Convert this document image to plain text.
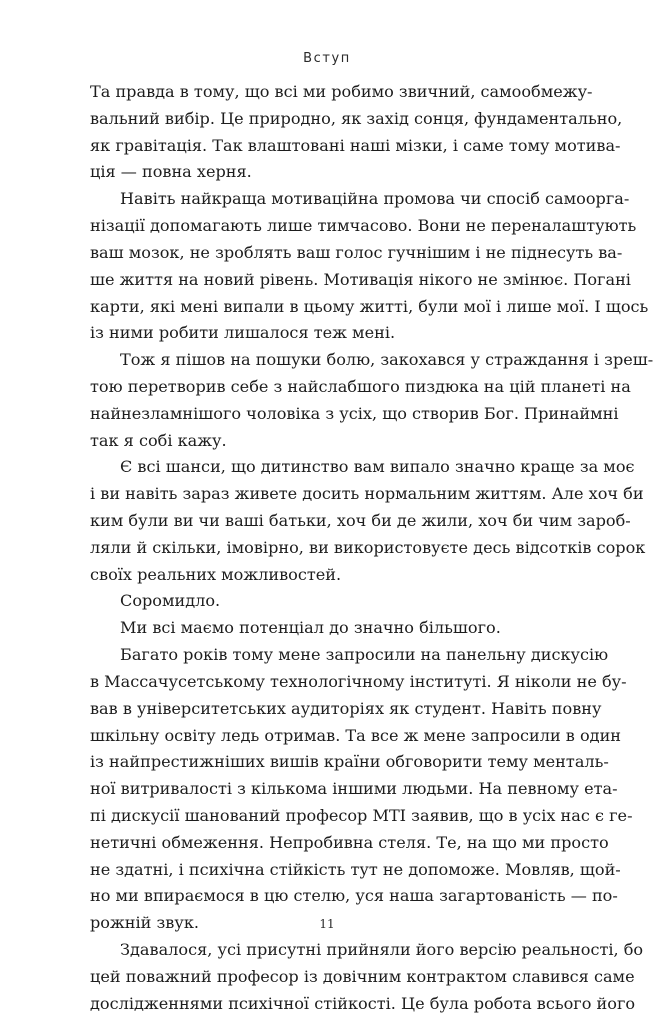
Вступ
Та правда в тому, що всі ми робимо звичний, самообмежу-
вальний вибір. Це природно, як захід сонця, фундаментально,
як гравітація. Так влаштовані наші мізки, і саме тому мотива-
ція — повна херня.
Навіть найкраща мотиваційна промова чи спосіб самоорга-
нізації допомагають лише тимчасово. Вони не переналаштують
ваш мозок, не зроблять ваш голос гучнішим і не піднесуть ва-
ше життя на новий рівень. Мотивація нікого не змінює. Погані
карти, які мені випали в цьому житті, були мої і лише мої. І щось
із ними робити лишалося теж мені.
Тож я пішов на пошуки болю, закохався у страждання і зреш-
тою перетворив себе з найслабшого пиздюка на цій планеті на
найнезламнішого чоловіка з усіх, що створив Бог. Принаймні
так я собі кажу.
Є всі шанси, що дитинство вам випало значно краще за моє
і ви навіть зараз живете досить нормальним життям. Але хоч би
ким були ви чи ваші батьки, хоч би де жили, хоч би чим зароб-
ляли й скільки, імовірно, ви використовуєте десь відсотків сорок
своїх реальних можливостей.
Соромидло.
Ми всі маємо потенціал до значно більшого.
Багато років тому мене запросили на панельну дискусію
в Массачусетському технологічному інституті. Я ніколи не бу-
вав в університетських аудиторіях як студент. Навіть повну
шкільну освіту ледь отримав. Та все ж мене запросили в один
із найпрестижніших вишів країни обговорити тему менталь-
ної витривалості з кількома іншими людьми. На певному ета-
пі дискусії шанований професор MTI заявив, що в усіх нас є ге-
нетичні обмеження. Непробивна стеля. Те, на що ми просто
не здатні, і психічна стійкість тут не допоможе. Мовляв, щой-
но ми впираємося в цю стелю, уся наша загартованість — по-
рожній звук.
Здавалося, усі присутні прийняли його версію реальності, бо
цей поважний професор із довічним контрактом славився саме
дослідженнями психічної стійкості. Це була робота всього його
11
